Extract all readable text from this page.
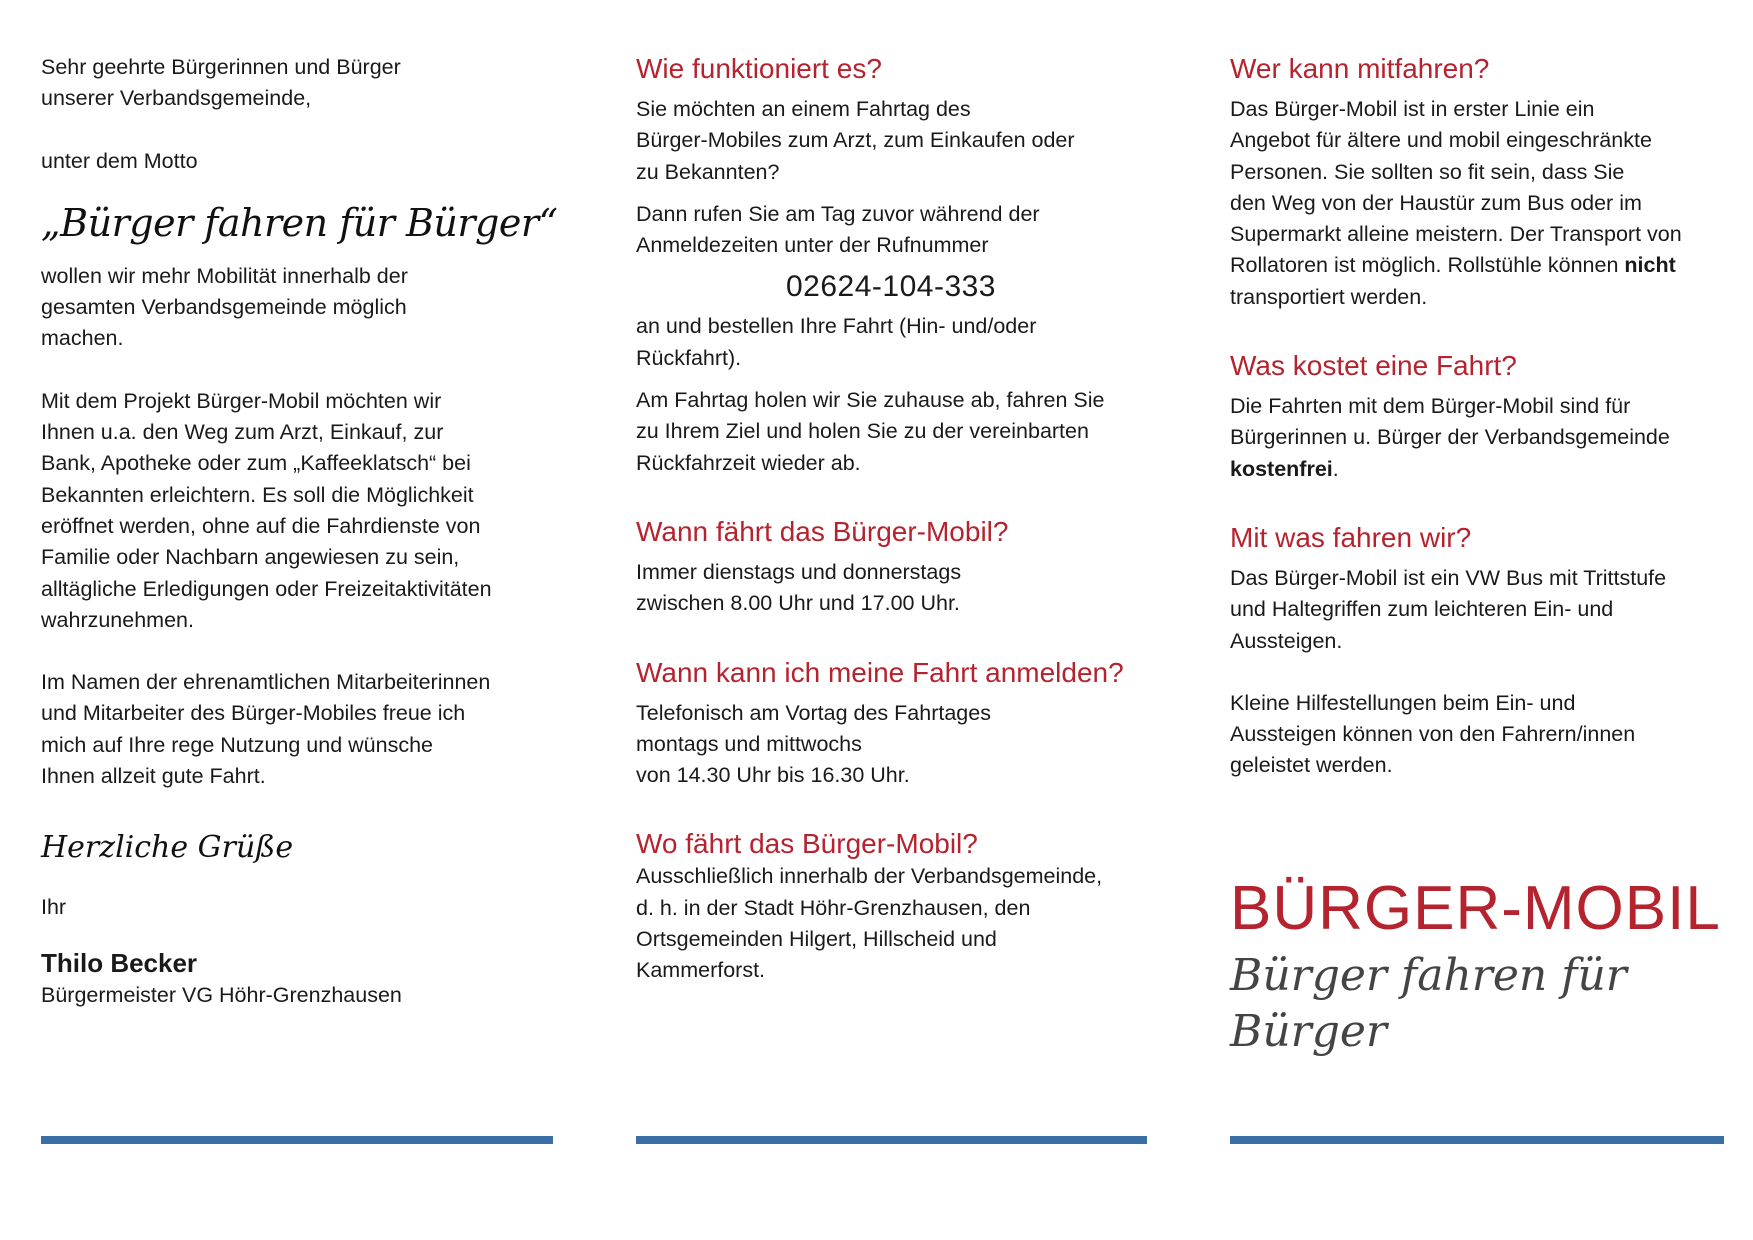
Sehr geehrte Bürgerinnen und Bürger
unserer Verbandsgemeinde,

unter dem Motto

„Bürger fahren für Bürger“

wollen wir mehr Mobilität innerhalb der
gesamten Verbandsgemeinde möglich
machen.

Mit dem Projekt Bürger-Mobil möchten wir
Ihnen u.a. den Weg zum Arzt, Einkauf, zur
Bank, Apotheke oder zum „Kaffeeklatsch“ bei
Bekannten erleichtern. Es soll die Möglichkeit
eröffnet werden, ohne auf die Fahrdienste von
Familie oder Nachbarn angewiesen zu sein,
alltägliche Erledigungen oder Freizeitaktivitäten
wahrzunehmen.

Im Namen der ehrenamtlichen Mitarbeiterinnen
und Mitarbeiter des Bürger-Mobiles freue ich
mich auf Ihre rege Nutzung und wünsche
Ihnen allzeit gute Fahrt.

Herzliche Grüße

Ihr

Thilo Becker

Bürgermeister VG Höhr-Grenzhausen

Wie funktioniert es?

Sie möchten an einem Fahrtag des
Bürger-Mobiles zum Arzt, zum Einkaufen oder
zu Bekannten?

Dann rufen Sie am Tag zuvor während der
Anmeldezeiten unter der Rufnummer

02624-104-333

an und bestellen Ihre Fahrt (Hin- und/oder
Rückfahrt).

Am Fahrtag holen wir Sie zuhause ab, fahren Sie
zu Ihrem Ziel und holen Sie zu der vereinbarten
Rückfahrzeit wieder ab.

Wann fährt das Bürger-Mobil?

Immer dienstags und donnerstags
zwischen 8.00 Uhr und 17.00 Uhr.

Wann kann ich meine Fahrt anmelden?

Telefonisch am Vortag des Fahrtages
montags und mittwochs
von 14.30 Uhr bis 16.30 Uhr.

Wo fährt das Bürger-Mobil?

Ausschließlich innerhalb der Verbandsgemeinde,
d. h. in der Stadt Höhr-Grenzhausen, den
Ortsgemeinden Hilgert, Hillscheid und
Kammerforst.

Wer kann mitfahren?

Das Bürger-Mobil ist in erster Linie ein
Angebot für ältere und mobil eingeschränkte
Personen. Sie sollten so fit sein, dass Sie
den Weg von der Haustür zum Bus oder im
Supermarkt alleine meistern. Der Transport von
Rollatoren ist möglich. Rollstühle können nicht
transportiert werden.

Was kostet eine Fahrt?

Die Fahrten mit dem Bürger-Mobil sind für
Bürgerinnen u. Bürger der Verbandsgemeinde
kostenfrei.

Mit was fahren wir?

Das Bürger-Mobil ist ein VW Bus mit Trittstufe
und Haltegriffen zum leichteren Ein- und
Aussteigen.

Kleine Hilfestellungen beim Ein- und
Aussteigen können von den Fahrern/innen
geleistet werden.

BÜRGER-MOBIL
Bürger fahren für Bürger
